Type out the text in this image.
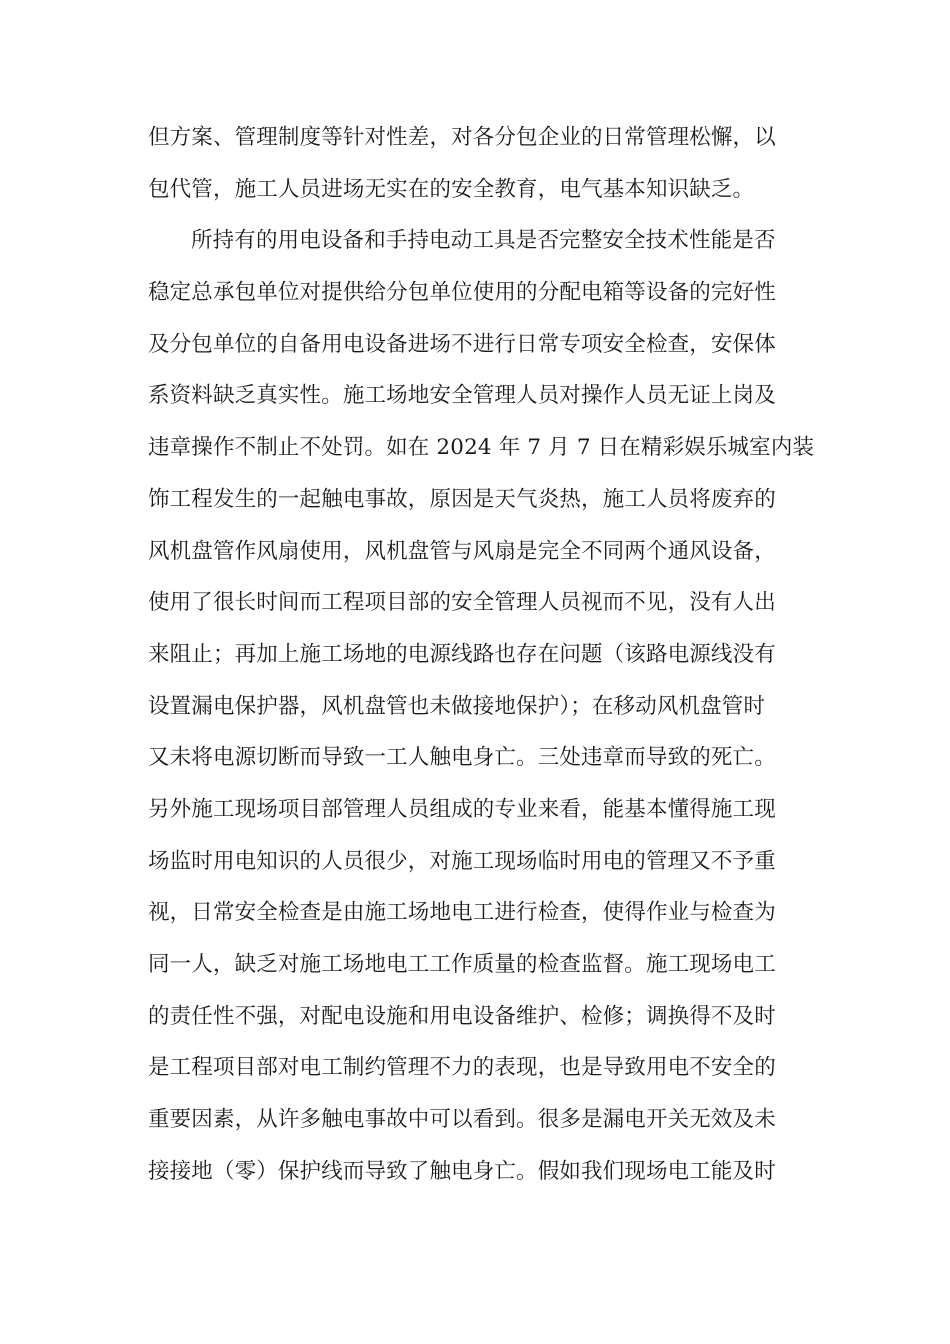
但方案、管理制度等针对性差，对各分包企业的日常管理松懈，以
包代管，施工人员进场无实在的安全教育，电气基本知识缺乏。
所持有的用电设备和手持电动工具是否完整安全技术性能是否
稳定总承包单位对提供给分包单位使用的分配电箱等设备的完好性
及分包单位的自备用电设备进场不进行日常专项安全检查，安保体
系资料缺乏真实性。施工场地安全管理人员对操作人员无证上岗及
违章操作不制止不处罚。如在 2024 年 7 月 7 日在精彩娱乐城室内装
饰工程发生的一起触电事故，原因是天气炎热，施工人员将废弃的
风机盘管作风扇使用，风机盘管与风扇是完全不同两个通风设备，
使用了很长时间而工程项目部的安全管理人员视而不见，没有人出
来阻止；再加上施工场地的电源线路也存在问题（该路电源线没有
设置漏电保护器，风机盘管也未做接地保护）；在移动风机盘管时
又未将电源切断而导致一工人触电身亡。三处违章而导致的死亡。
另外施工现场项目部管理人员组成的专业来看，能基本懂得施工现
场监时用电知识的人员很少，对施工现场临时用电的管理又不予重
视，日常安全检查是由施工场地电工进行检查，使得作业与检查为
同一人，缺乏对施工场地电工工作质量的检查监督。施工现场电工
的责任性不强，对配电设施和用电设备维护、检修；调换得不及时
是工程项目部对电工制约管理不力的表现，也是导致用电不安全的
重要因素，从许多触电事故中可以看到。很多是漏电开关无效及未
接接地（零）保护线而导致了触电身亡。假如我们现场电工能及时
